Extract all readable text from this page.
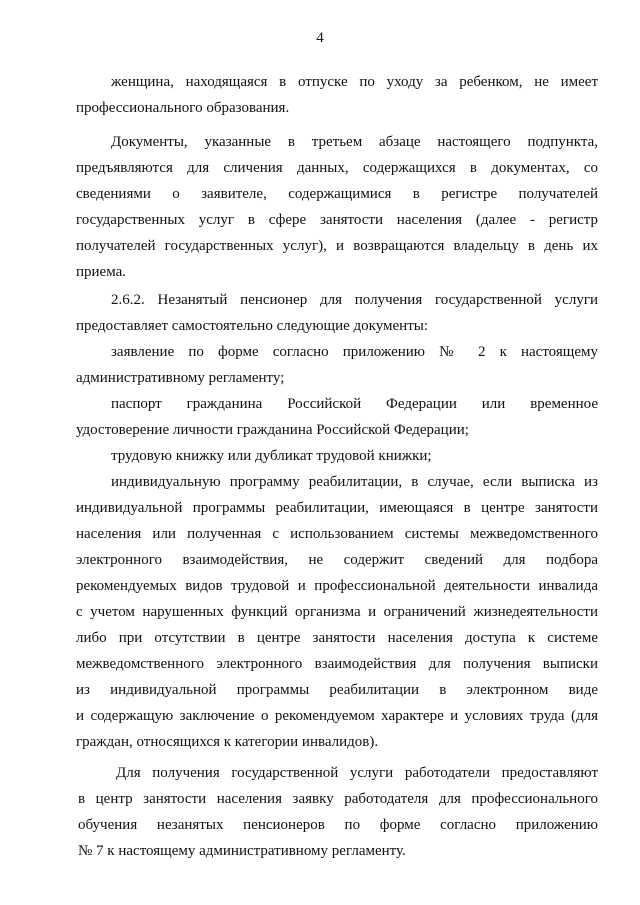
4
женщина, находящаяся в отпуске по уходу за ребенком, не имеет
профессионального образования.
Документы, указанные в третьем абзаце настоящего подпункта,
предъявляются для сличения данных, содержащихся в документах, со
сведениями о заявителе, содержащимися в регистре получателей
государственных услуг в сфере занятости населения (далее - регистр
получателей государственных услуг), и возвращаются владельцу в день их
приема.
2.6.2. Незанятый пенсионер для получения государственной услуги
предоставляет самостоятельно следующие документы:
заявление по форме согласно приложению № 2 к настоящему
административному регламенту;
паспорт гражданина Российской Федерации или временное
удостоверение личности гражданина Российской Федерации;
трудовую книжку или дубликат трудовой книжки;
индивидуальную программу реабилитации, в случае, если выписка из
индивидуальной программы реабилитации, имеющаяся в центре занятости
населения или полученная с использованием системы межведомственного
электронного взаимодействия, не содержит сведений для подбора
рекомендуемых видов трудовой и профессиональной деятельности инвалида
с учетом нарушенных функций организма и ограничений жизнедеятельности
либо при отсутствии в центре занятости населения доступа к системе
межведомственного электронного взаимодействия для получения выписки
из индивидуальной программы реабилитации в электронном виде
и содержащую заключение о рекомендуемом характере и условиях труда (для
граждан, относящихся к категории инвалидов).
Для получения государственной услуги работодатели предоставляют
в центр занятости населения заявку работодателя для профессионального
обучения незанятых пенсионеров по форме согласно приложению
№ 7 к настоящему административному регламенту.
